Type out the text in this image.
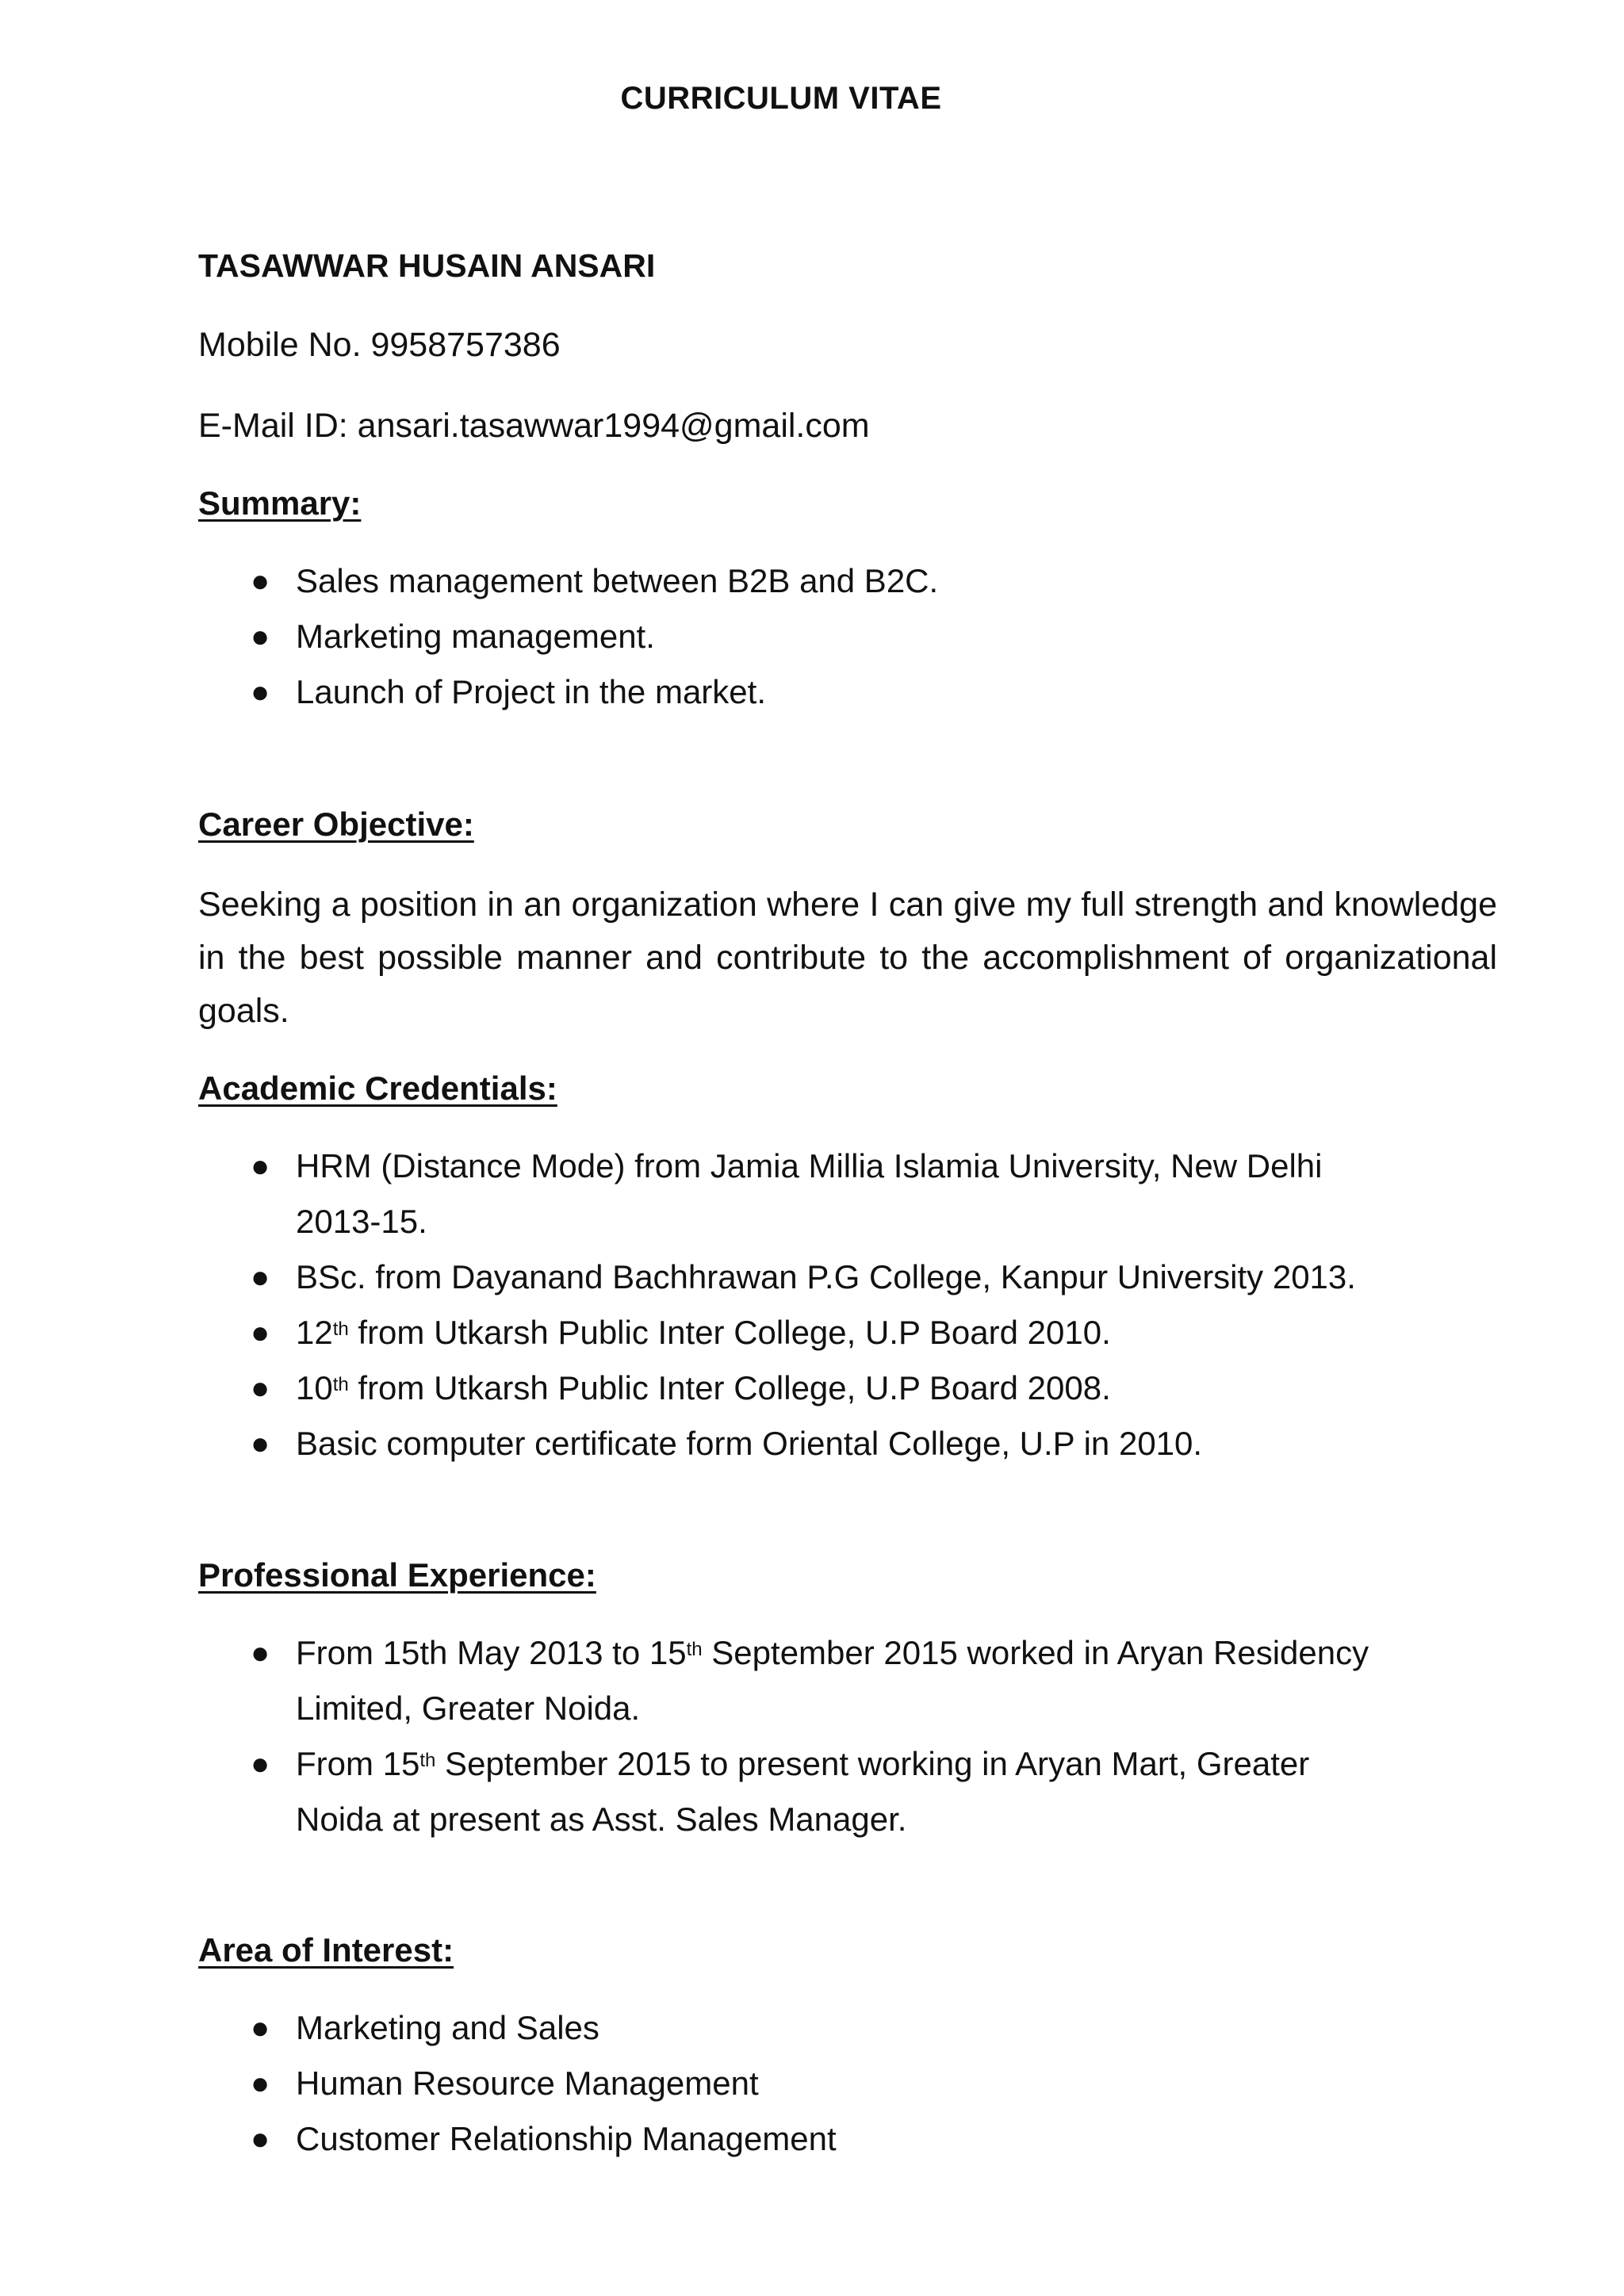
CURRICULUM VITAE

TASAWWAR HUSAIN ANSARI

Mobile No. 9958757386

E-Mail ID: ansari.tasawwar1994@gmail.com

Summary:
● Sales management between B2B and B2C.
● Marketing management.
● Launch of Project in the market.
Career Objective:

Seeking a position in an organization where I can give my full strength and knowledge in the best possible manner and contribute to the accomplishment of organizational goals.

Academic Credentials:
● HRM (Distance Mode) from Jamia Millia Islamia University, New Delhi 2013-15.
● BSc. from Dayanand Bachhrawan P.G College, Kanpur University 2013.
● 12th from Utkarsh Public Inter College, U.P Board 2010.
● 10th from Utkarsh Public Inter College, U.P Board 2008.
● Basic computer certificate form Oriental College, U.P in 2010.
Professional Experience:
● From 15th May 2013 to 15th September 2015 worked in Aryan Residency Limited, Greater Noida.
● From 15th September 2015 to present working in Aryan Mart, Greater Noida at present as Asst. Sales Manager.
Area of Interest:
● Marketing and Sales
● Human Resource Management
● Customer Relationship Management
